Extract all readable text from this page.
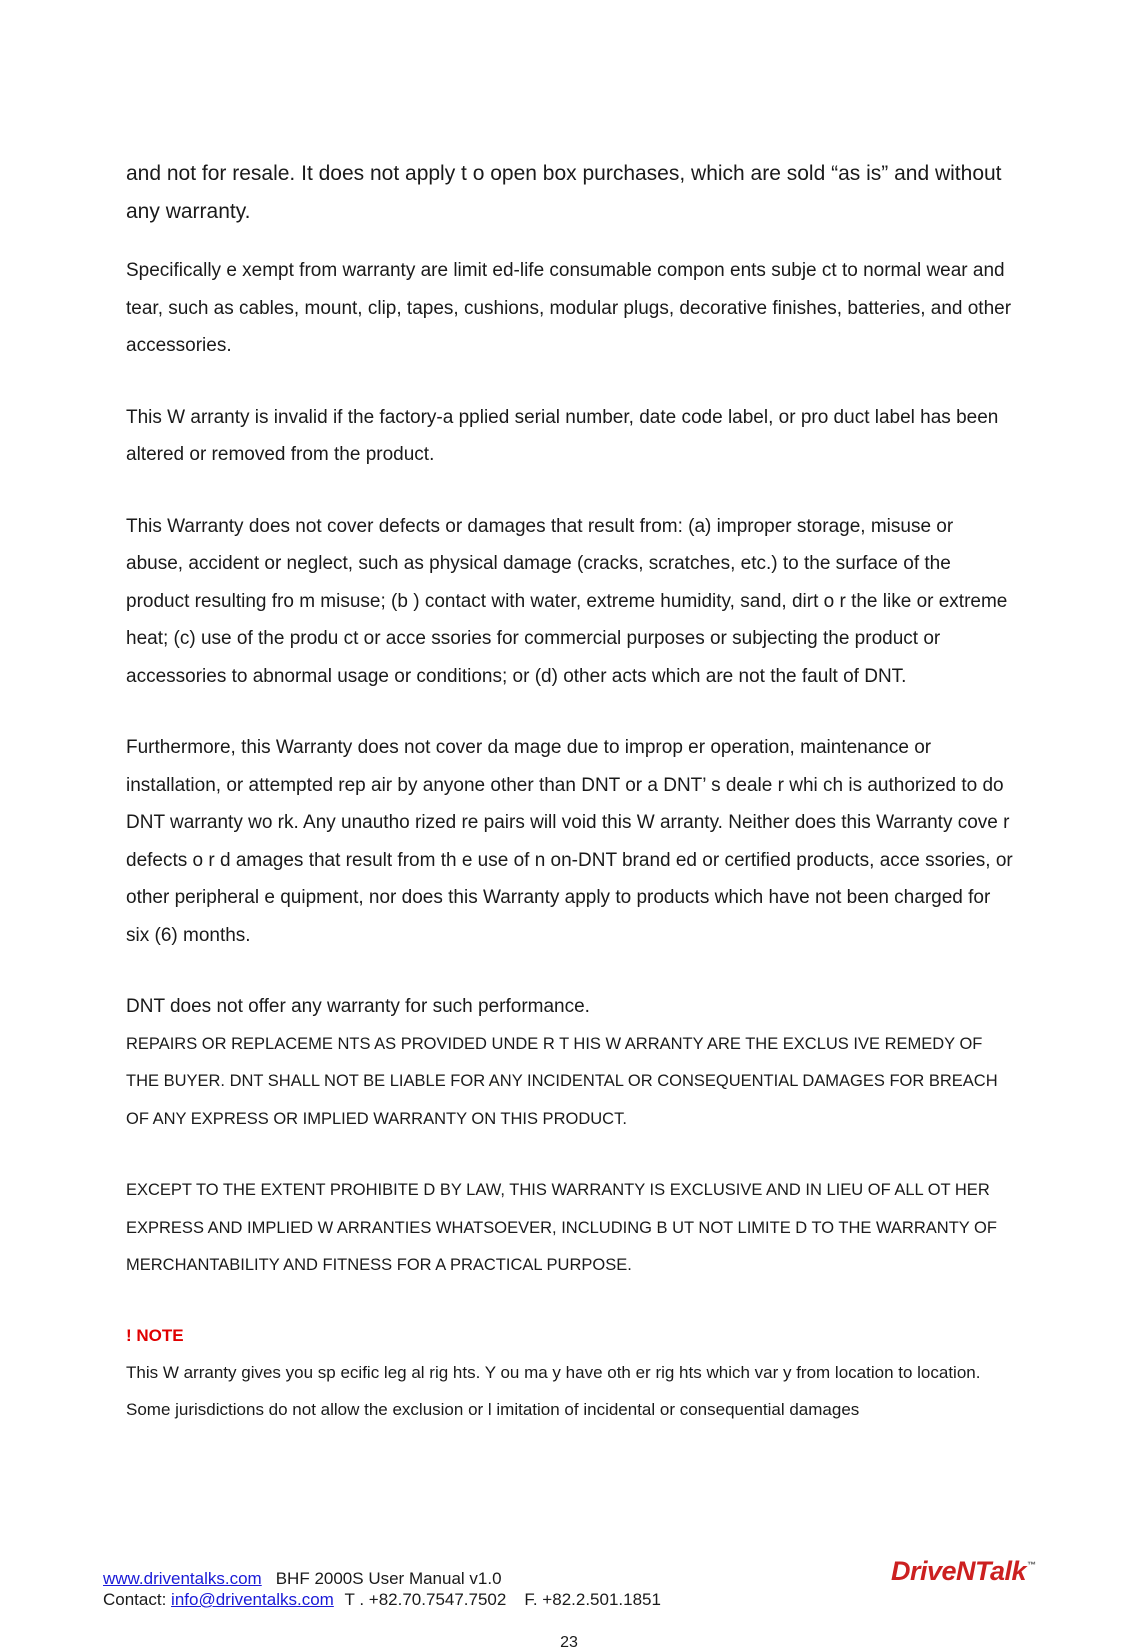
and not for resale. It does not apply t o open box purchases, which are sold “as is” and without any warranty.

Specifically e xempt from warranty are limit ed-life consumable compon ents subje ct to normal wear and tear, such as cables, mount, clip, tapes, cushions, modular plugs, decorative finishes, batteries, and other accessories.

This W arranty is invalid if the factory-a pplied serial number, date code label, or pro duct label has been altered or removed from the product.

This Warranty does not cover defects or damages that result from: (a) improper storage, misuse or abuse, accident or neglect, such as physical damage (cracks, scratches, etc.) to the surface of the product resulting fro m misuse; (b ) contact with water, extreme humidity, sand, dirt o r the like or extreme heat; (c) use of the produ ct or acce ssories for commercial purposes or subjecting the product or accessories to abnormal usage or conditions; or (d) other acts which are not the fault of DNT.

Furthermore, this Warranty does not cover da mage due to improp er operation, maintenance or installation, or attempted rep air by anyone other than DNT or a DNT’ s deale r whi ch is authorized to do DNT warranty wo rk. Any unautho rized re pairs will void this W arranty. Neither does this Warranty cove r defects o r d amages that result from th e use of n on-DNT brand ed or certified products, acce ssories, or other peripheral e quipment, nor does this Warranty apply to products which have not been charged for six (6) months.

DNT does not offer any warranty for such performance.

REPAIRS OR REPLACEME NTS AS PROVIDED UNDE R T HIS W ARRANTY ARE THE EXCLUS IVE REMEDY OF THE BUYER. DNT SHALL NOT BE LIABLE FOR ANY INCIDENTAL OR CONSEQUENTIAL DAMAGES FOR BREACH OF ANY EXPRESS OR IMPLIED WARRANTY ON THIS PRODUCT.

EXCEPT TO THE EXTENT PROHIBITE D BY LAW, THIS WARRANTY IS EXCLUSIVE AND IN LIEU OF ALL OT HER EXPRESS AND IMPLIED W ARRANTIES WHATSOEVER, INCLUDING B UT NOT LIMITE D TO THE WARRANTY OF MERCHANTABILITY AND FITNESS FOR A PRACTICAL PURPOSE.

! NOTE

This W arranty gives you sp ecific leg al rig hts. Y ou ma y have oth er rig hts which var y from location to location. Some jurisdictions do not allow the exclusion or l imitation of incidental or consequential damages

www.driventalks.com BHF 2000S User Manual v1.0
Contact: info@driventalks.com T . +82.70.7547.7502 F. +82.2.501.1851
DriveNTalk™
23
